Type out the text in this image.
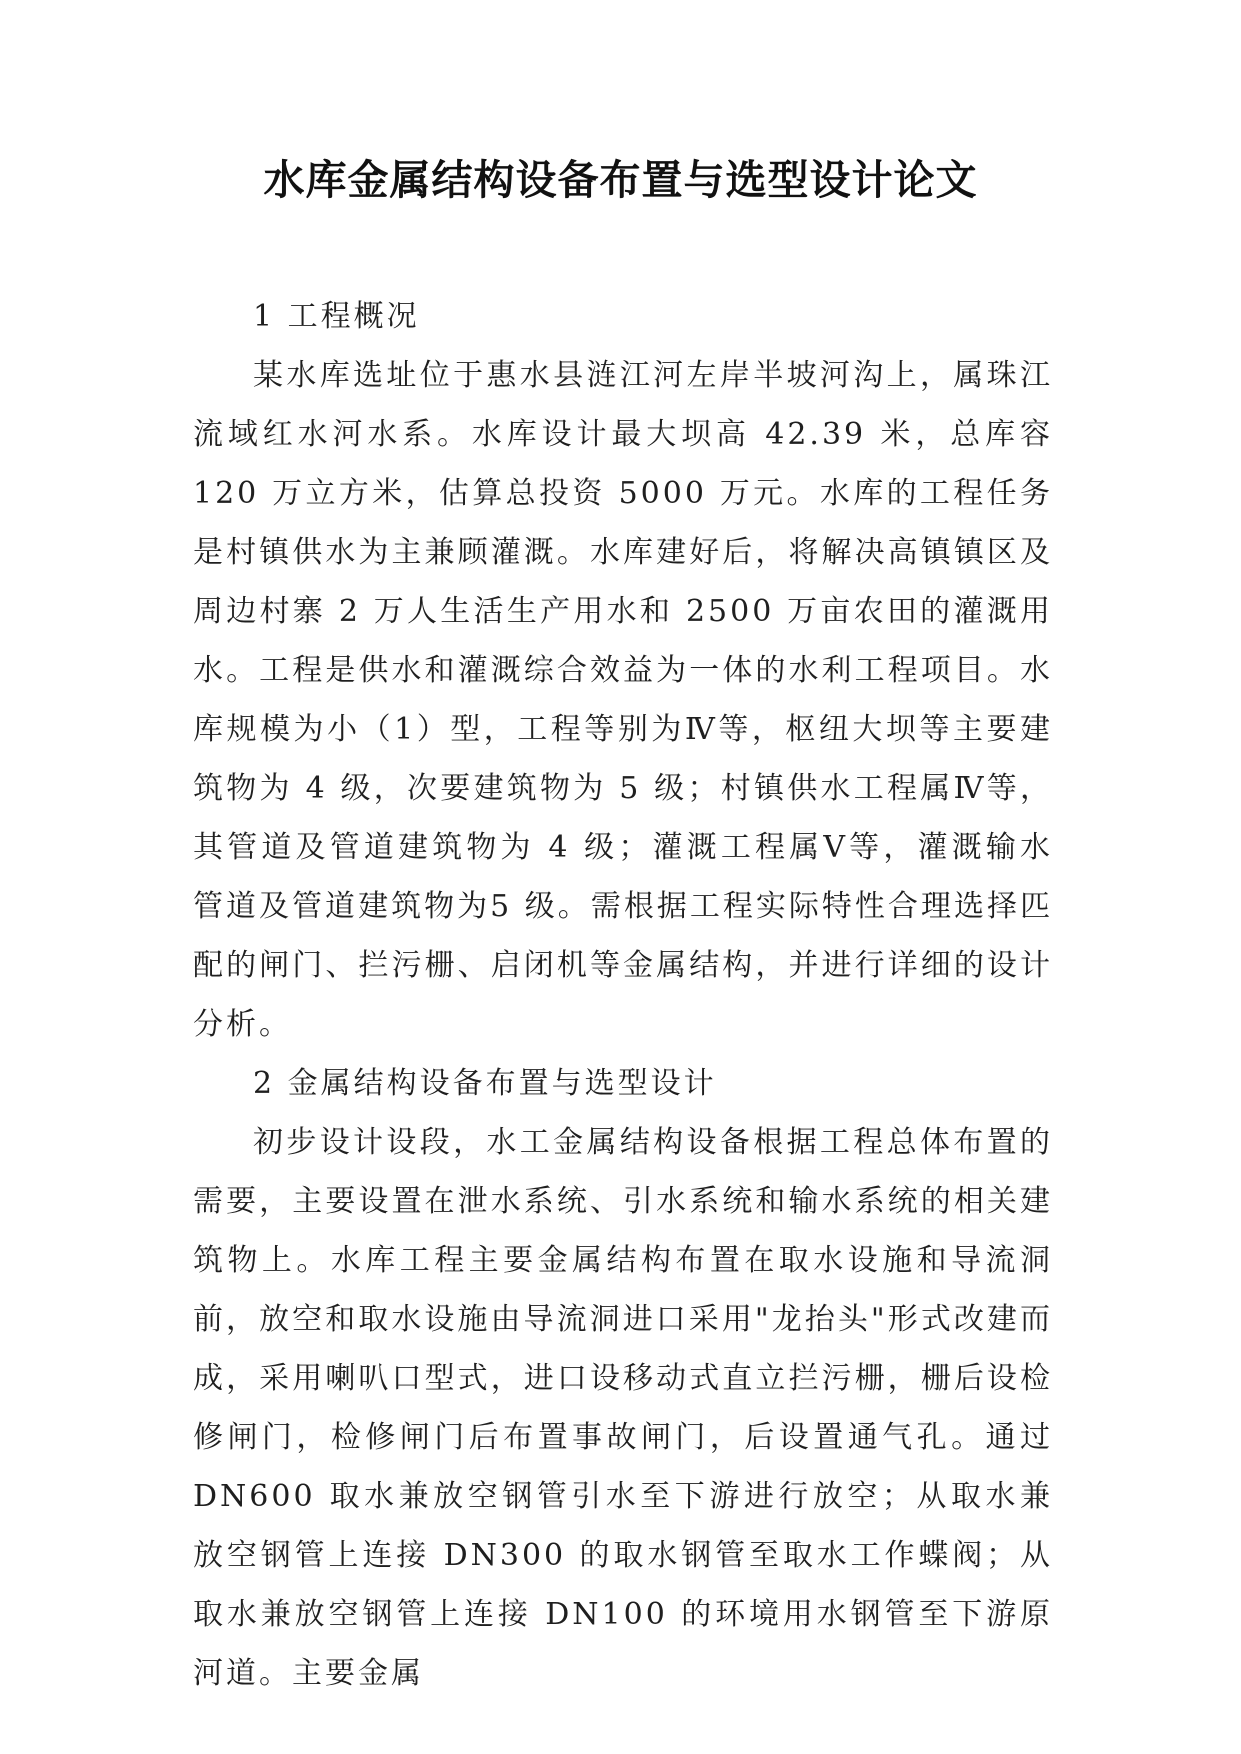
水库金属结构设备布置与选型设计论文

1 工程概况

某水库选址位于惠水县涟江河左岸半坡河沟上，属珠江流域红水河水系。水库设计最大坝高 42.39 米，总库容 120 万立方米，估算总投资 5000 万元。水库的工程任务是村镇供水为主兼顾灌溉。水库建好后，将解决高镇镇区及周边村寨 2 万人生活生产用水和 2500 万亩农田的灌溉用水。工程是供水和灌溉综合效益为一体的水利工程项目。水库规模为小（1）型，工程等别为Ⅳ等，枢纽大坝等主要建筑物为 4 级，次要建筑物为 5 级；村镇供水工程属Ⅳ等，其管道及管道建筑物为 4 级；灌溉工程属Ⅴ等，灌溉输水管道及管道建筑物为5 级。需根据工程实际特性合理选择匹配的闸门、拦污栅、启闭机等金属结构，并进行详细的设计分析。

2 金属结构设备布置与选型设计

初步设计设段，水工金属结构设备根据工程总体布置的需要，主要设置在泄水系统、引水系统和输水系统的相关建筑物上。水库工程主要金属结构布置在取水设施和导流洞前，放空和取水设施由导流洞进口采用"龙抬头"形式改建而成，采用喇叭口型式，进口设移动式直立拦污栅，栅后设检修闸门，检修闸门后布置事故闸门，后设置通气孔。通过 DN600 取水兼放空钢管引水至下游进行放空；从取水兼放空钢管上连接 DN300 的取水钢管至取水工作蝶阀；从取水兼放空钢管上连接 DN100 的环境用水钢管至下游原河道。主要金属
